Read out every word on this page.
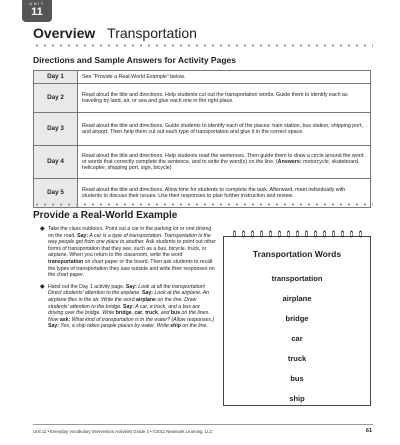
UNIT
11
Overview Transportation
Directions and Sample Answers for Activity Pages
Day 1	See “Provide a Real-World Example” below.
Day 2	Read aloud the title and directions. Help students cut out the transportation words. Guide them to identify each as traveling by land, air, or sea and glue each one in the right place.
Day 3	Read aloud the title and directions. Guide students to identify each of the places: train station, bus station, shipping port, and airport. Then help them cut out each type of transportation and glue it in the correct space.
Day 4	Read aloud the title and directions. Help students read the sentences. Then guide them to draw a circle around the word or words that correctly complete the sentence, and to write the word(s) on the line. (Answers: motorcycle, skateboard, helicopter, shipping port, sign, bicycle)
Day 5	Read aloud the title and directions. Allow time for students to complete the task. Afterward, meet individually with students to discuss their issues. Use their responses to plan further instruction and review.
Provide a Real-World Example
◆ Take the class outdoors. Point out a car in the parking lot or one driving on the road. Say: A car is a type of transportation. Transportation is the way people get from one place to another. Ask students to point out other forms of transportation that they see, such as a bus, bicycle, truck, or airplane. When you return to the classroom, write the word transportation on chart paper or the board. Then ask students to recall the types of transportation they saw outside and write their responses on the chart paper.
◆ Hand out the Day 1 activity page. Say: Look at all the transportation! Direct students’ attention to the airplane. Say: Look at the airplane. An airplane flies in the air. Write the word airplane on the line. Draw students’ attention to the bridge. Say: A car, a truck, and a bus are driving over the bridge. Write bridge, car, truck, and bus on the lines. Now ask: What kind of transportation is in the water? (Allow responses.) Say: Yes, a ship takes people places by water. Write ship on the line.
Transportation Words
transportation
airplane
bridge
car
truck
bus
ship
Unit 11 • Everyday Vocabulary Intervention Activities Grade 2 • ©2011 Newmark Learning, LLC	61
